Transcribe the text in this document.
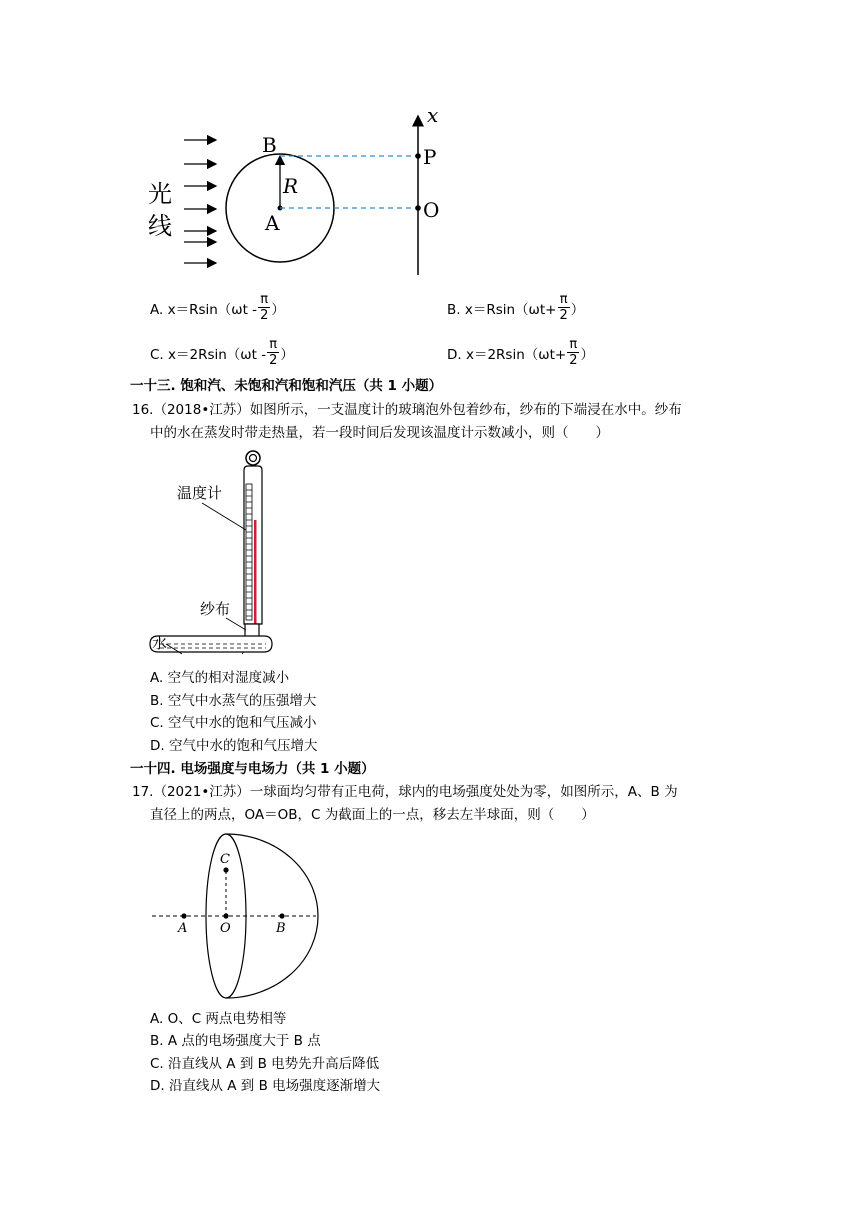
光
线
B
A
R
P
O
x
A. $x=Rsin(\omega t - \frac{\pi}{2}$ ）	B. $x=Rsin(\omega t+ \frac{\pi}{2}$ ）
C. $x=2Rsin(\omega t - \frac{\pi}{2}$ ）	D. $x=2Rsin(\omega t+ \frac{\pi}{2}$ ）
一十三. 饱和汽、未饱和汽和饱和汽压（共 1 小题）
16.（2018•江苏）如图所示，一支温度计的玻璃泡外包着纱布，纱布的下端浸在水中。纱布
中的水在蒸发时带走热量，若一段时间后发现该温度计示数减小，则（　　）
温度计
纱布
水
A. 空气的相对湿度减小
B. 空气中水蒸气的压强增大
C. 空气中水的饱和气压减小
D. 空气中水的饱和气压增大
一十四. 电场强度与电场力（共 1 小题）
17.（2021•江苏）一球面均匀带有正电荷，球内的电场强度处处为零，如图所示，A、B 为
直径上的两点，OA＝OB，C 为截面上的一点，移去左半球面，则（　　）
A	O	B
C
A. O、C 两点电势相等
B. A 点的电场强度大于 B 点
C. 沿直线从 A 到 B 电势先升高后降低
D. 沿直线从 A 到 B 电场强度逐渐增大
